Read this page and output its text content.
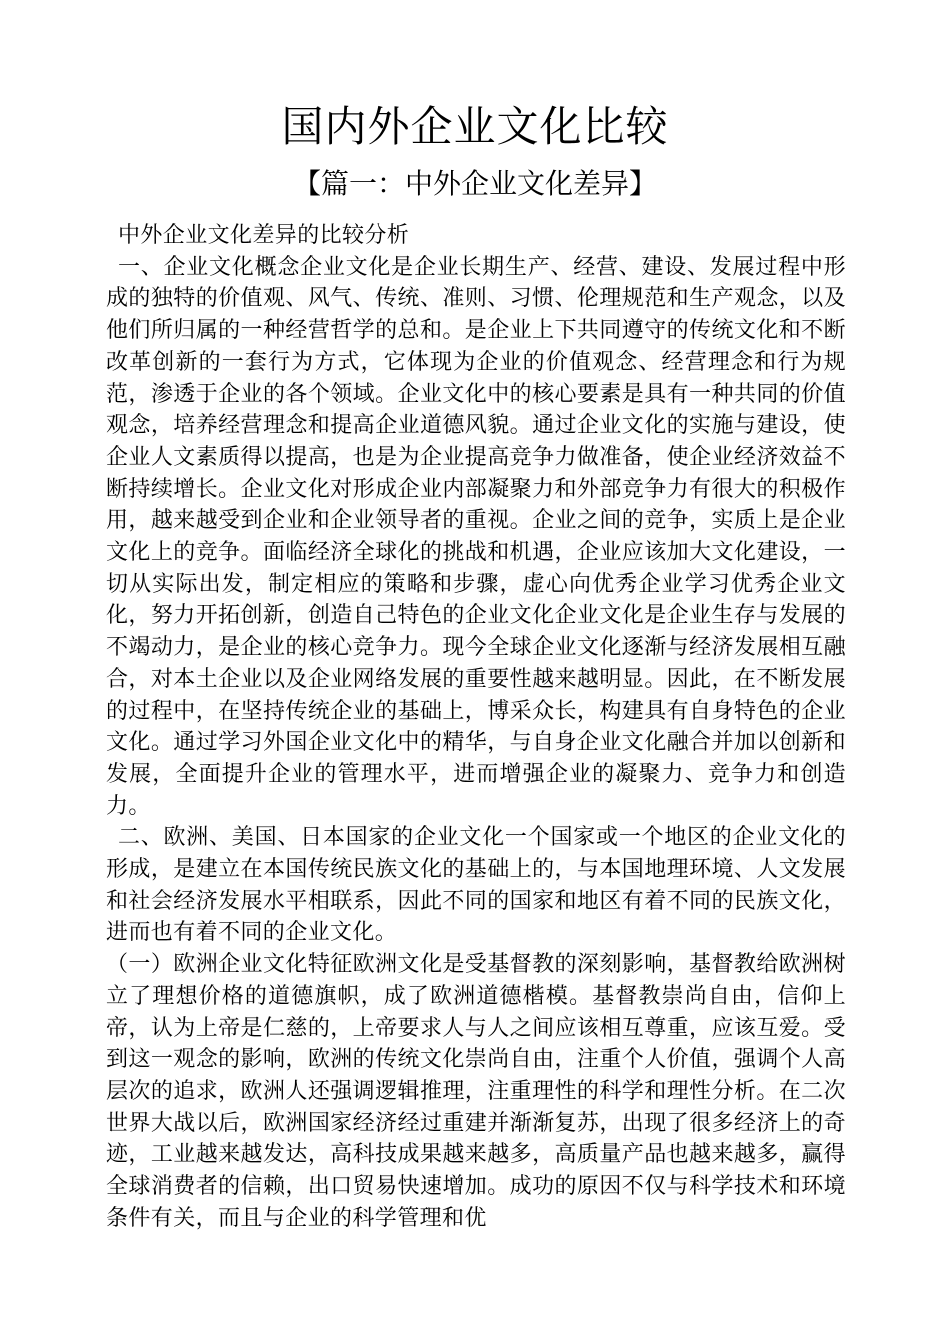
国内外企业文化比较
【篇一：中外企业文化差异】

中外企业文化差异的比较分析

一、企业文化概念企业文化是企业长期生产、经营、建设、发展过程中形成的独特的价值观、风气、传统、准则、习惯、伦理规范和生产观念，以及他们所归属的一种经营哲学的总和。是企业上下共同遵守的传统文化和不断改革创新的一套行为方式，它体现为企业的价值观念、经营理念和行为规范，渗透于企业的各个领域。企业文化中的核心要素是具有一种共同的价值观念，培养经营理念和提高企业道德风貌。通过企业文化的实施与建设，使企业人文素质得以提高，也是为企业提高竞争力做准备，使企业经济效益不断持续增长。企业文化对形成企业内部凝聚力和外部竞争力有很大的积极作用，越来越受到企业和企业领导者的重视。企业之间的竞争，实质上是企业文化上的竞争。面临经济全球化的挑战和机遇，企业应该加大文化建设，一切从实际出发，制定相应的策略和步骤，虚心向优秀企业学习优秀企业文化，努力开拓创新，创造自己特色的企业文化企业文化是企业生存与发展的不竭动力，是企业的核心竞争力。现今全球企业文化逐渐与经济发展相互融合，对本土企业以及企业网络发展的重要性越来越明显。因此，在不断发展的过程中，在坚持传统企业的基础上，博采众长，构建具有自身特色的企业文化。通过学习外国企业文化中的精华，与自身企业文化融合并加以创新和发展，全面提升企业的管理水平，进而增强企业的凝聚力、竞争力和创造力。

二、欧洲、美国、日本国家的企业文化一个国家或一个地区的企业文化的形成，是建立在本国传统民族文化的基础上的，与本国地理环境、人文发展和社会经济发展水平相联系，因此不同的国家和地区有着不同的民族文化，进而也有着不同的企业文化。

（一）欧洲企业文化特征欧洲文化是受基督教的深刻影响，基督教给欧洲树立了理想价格的道德旗帜，成了欧洲道德楷模。基督教崇尚自由，信仰上帝，认为上帝是仁慈的，上帝要求人与人之间应该相互尊重，应该互爱。受到这一观念的影响，欧洲的传统文化崇尚自由，注重个人价值，强调个人高层次的追求，欧洲人还强调逻辑推理，注重理性的科学和理性分析。在二次世界大战以后，欧洲国家经济经过重建并渐渐复苏，出现了很多经济上的奇迹，工业越来越发达，高科技成果越来越多，高质量产品也越来越多，赢得全球消费者的信赖，出口贸易快速增加。成功的原因不仅与科学技术和环境条件有关，而且与企业的科学管理和优
